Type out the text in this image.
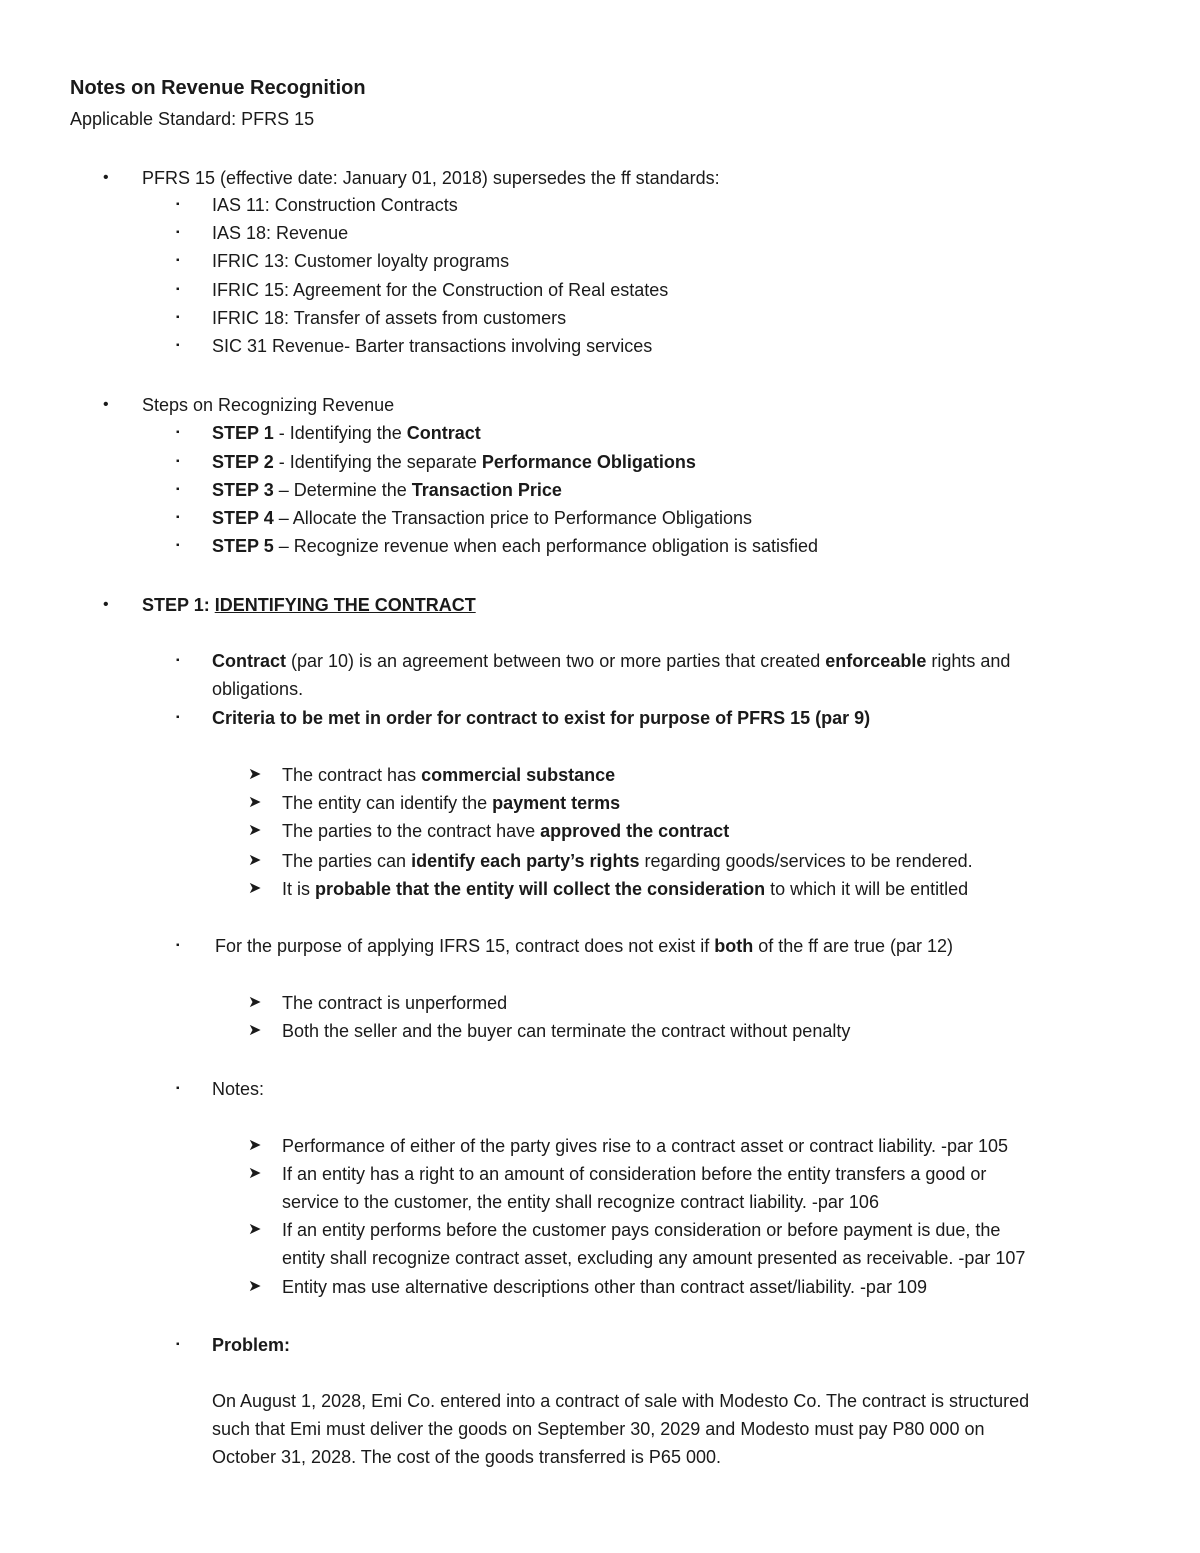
Notes on Revenue Recognition
Applicable Standard: PFRS 15
• PFRS 15 (effective date: January 01, 2018) supersedes the ff standards:
▪ IAS 11: Construction Contracts
▪ IAS 18: Revenue
▪ IFRIC 13: Customer loyalty programs
▪ IFRIC 15: Agreement for the Construction of Real estates
▪ IFRIC 18: Transfer of assets from customers
▪ SIC 31 Revenue- Barter transactions involving services
• Steps on Recognizing Revenue
▪ STEP 1 - Identifying the Contract
▪ STEP 2 - Identifying the separate Performance Obligations
▪ STEP 3 – Determine the Transaction Price
▪ STEP 4 – Allocate the Transaction price to Performance Obligations
▪ STEP 5 – Recognize revenue when each performance obligation is satisfied
• STEP 1: IDENTIFYING THE CONTRACT
▪ Contract (par 10) is an agreement between two or more parties that created enforceable rights and
obligations.
▪ Criteria to be met in order for contract to exist for purpose of PFRS 15 (par 9)
➤ The contract has commercial substance
➤ The entity can identify the payment terms
➤ The parties to the contract have approved the contract
➤ The parties can identify each party’s rights regarding goods/services to be rendered.
➤ It is probable that the entity will collect the consideration to which it will be entitled
▪ For the purpose of applying IFRS 15, contract does not exist if both of the ff are true (par 12)
➤ The contract is unperformed
➤ Both the seller and the buyer can terminate the contract without penalty
▪ Notes:
➤ Performance of either of the party gives rise to a contract asset or contract liability. -par 105
➤ If an entity has a right to an amount of consideration before the entity transfers a good or
service to the customer, the entity shall recognize contract liability. -par 106
➤ If an entity performs before the customer pays consideration or before payment is due, the
entity shall recognize contract asset, excluding any amount presented as receivable. -par 107
➤ Entity mas use alternative descriptions other than contract asset/liability. -par 109
▪ Problem:
On August 1, 2028, Emi Co. entered into a contract of sale with Modesto Co. The contract is structured
such that Emi must deliver the goods on September 30, 2029 and Modesto must pay P80 000 on
October 31, 2028. The cost of the goods transferred is P65 000.
